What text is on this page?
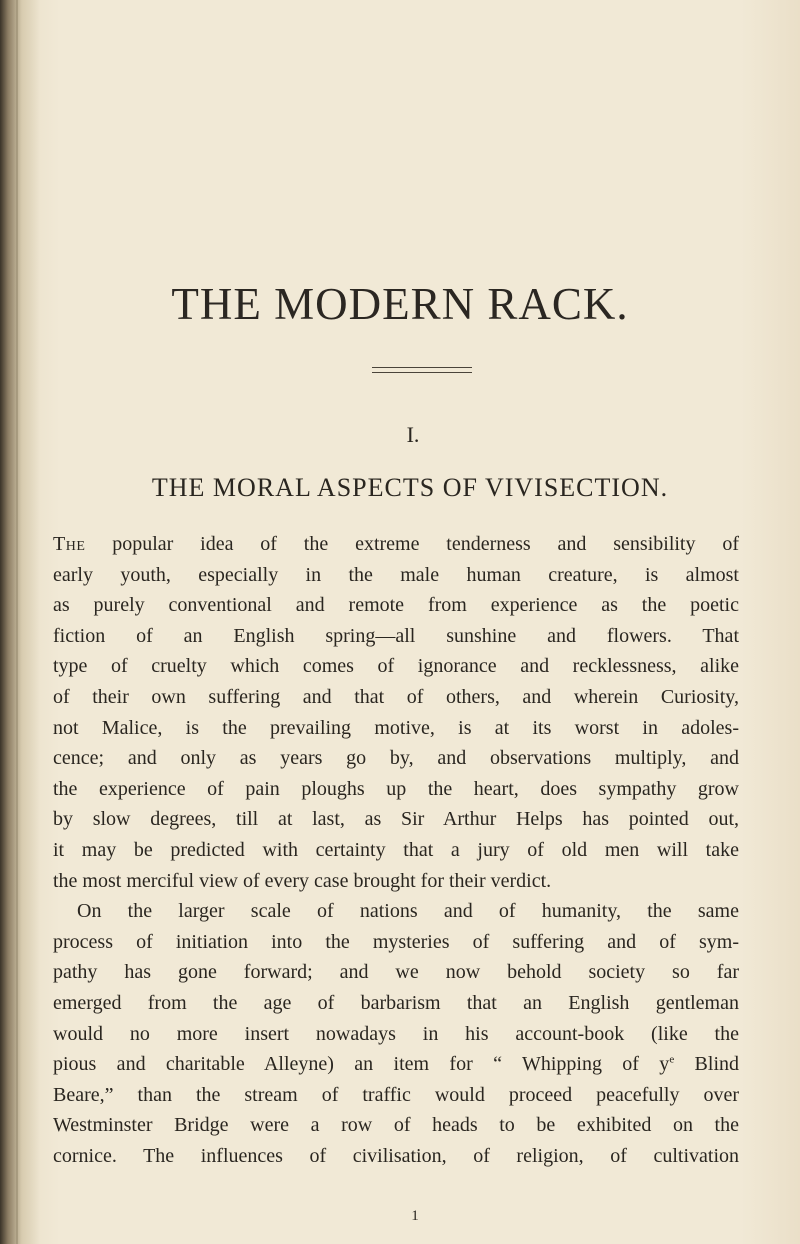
THE MODERN RACK.
I.
THE MORAL ASPECTS OF VIVISECTION.
The popular idea of the extreme tenderness and sensibility of
early youth, especially in the male human creature, is almost
as purely conventional and remote from experience as the poetic
fiction of an English spring—all sunshine and flowers. That
type of cruelty which comes of ignorance and recklessness, alike
of their own suffering and that of others, and wherein Curiosity,
not Malice, is the prevailing motive, is at its worst in adoles-
cence; and only as years go by, and observations multiply, and
the experience of pain ploughs up the heart, does sympathy grow
by slow degrees, till at last, as Sir Arthur Helps has pointed out,
it may be predicted with certainty that a jury of old men will take
the most merciful view of every case brought for their verdict.
On the larger scale of nations and of humanity, the same
process of initiation into the mysteries of suffering and of sym-
pathy has gone forward; and we now behold society so far
emerged from the age of barbarism that an English gentleman
would no more insert nowadays in his account-book (like the
pious and charitable Alleyne) an item for “ Whipping of $y^e$ Blind
Beare,” than the stream of traffic would proceed peacefully over
Westminster Bridge were a row of heads to be exhibited on the
cornice. The influences of civilisation, of religion, of cultivation

1
